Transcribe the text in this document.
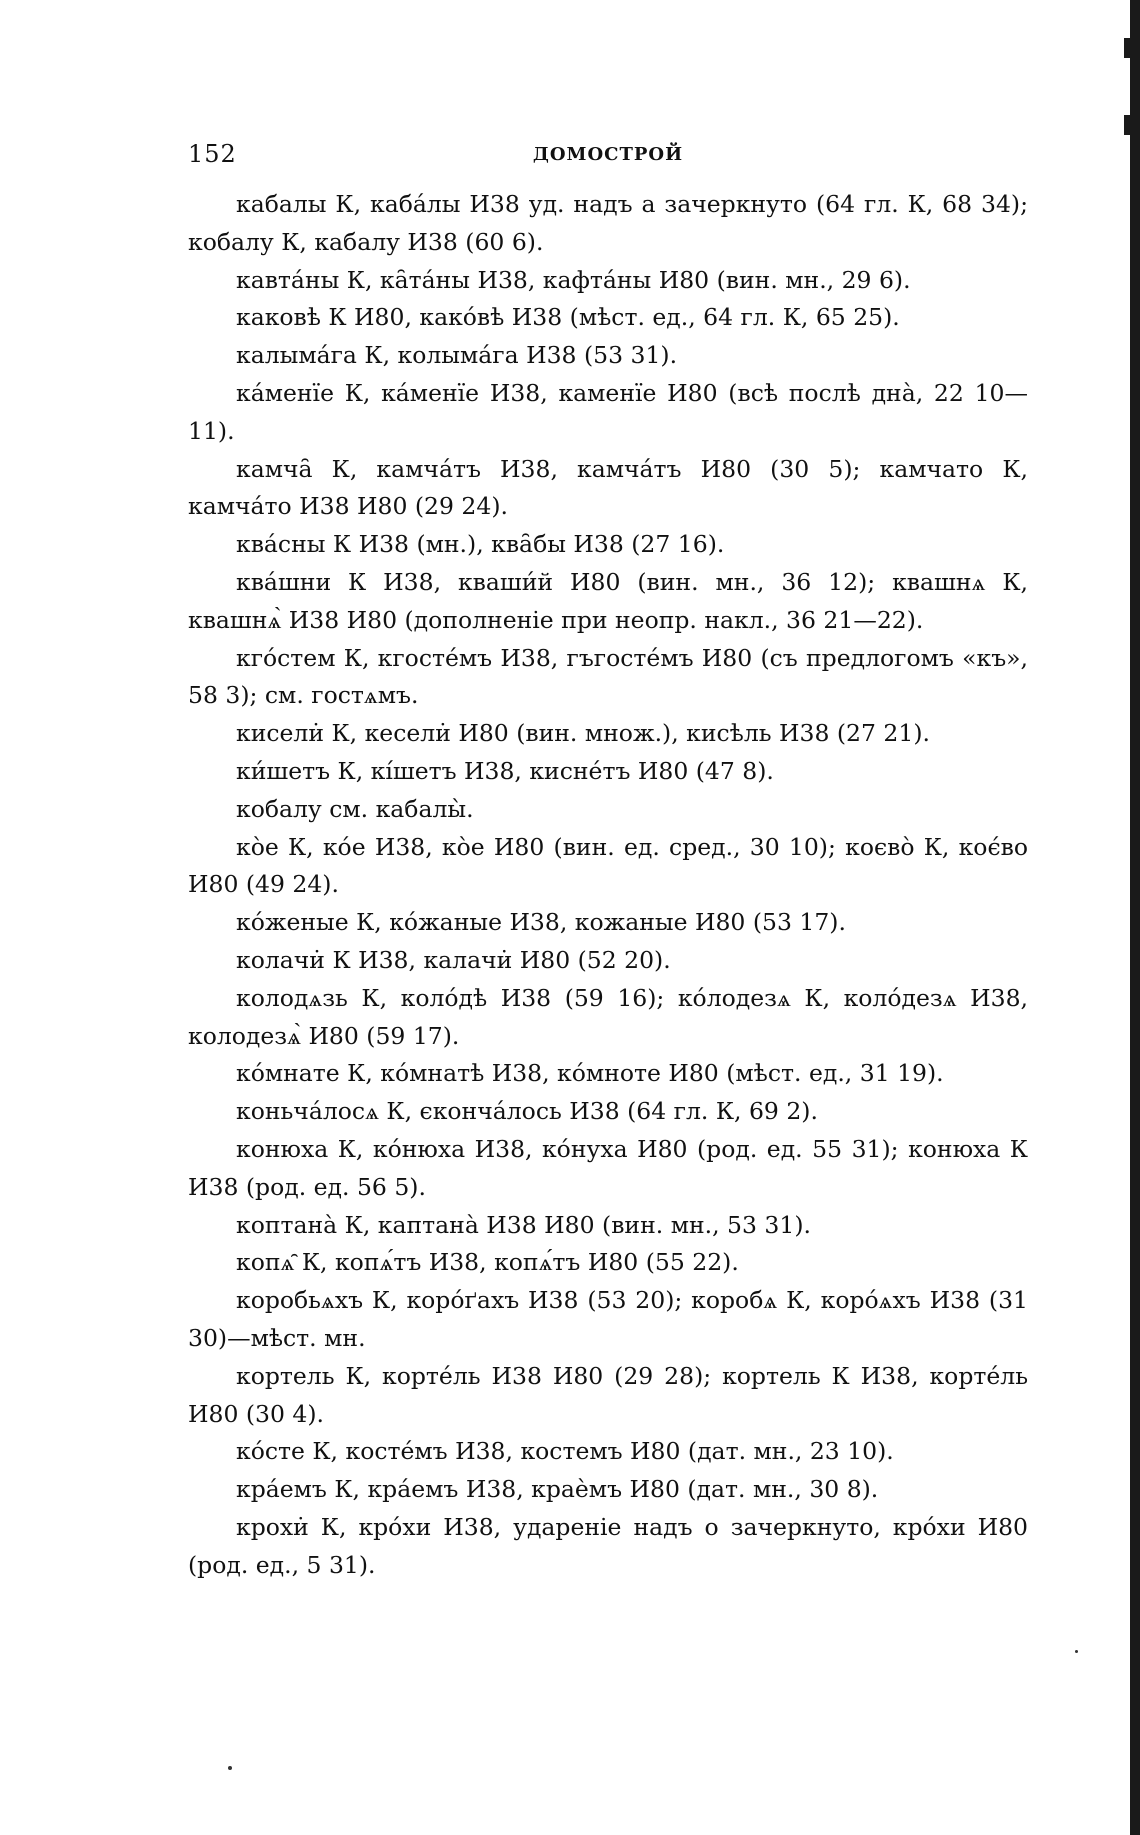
152	ДОМОСТРОЙ

кабалы К, каба́лы И38 уд. надъ а зачеркнуто (64 гл. К, 68 34); кобалу К, кабалу И38 (60 6).

кавта́ны К, ка̑та́ны И38, кафта́ны И80 (вин. мн., 29 6).

каковѣ К И80, како́вѣ И38 (мѣст. ед., 64 гл. К, 65 25).

калыма́га К, колыма́га И38 (53 31).

ка́менїе К, ка́менїе И38, каменїе И80 (всѣ послѣ дна̀, 22 10—11).

камча̑ К, камча́тъ И38, камча́тъ И80 (30 5); камчато К, камча́то И38 И80 (29 24).

ква́сны К И38 (мн.), ква̑бы И38 (27 16).

ква́шни К И38, кваши́й И80 (вин. мн., 36 12); квашнѧ К, квашнѧ̀ И38 И80 (дополненіе при неопр. накл., 36 21—22).

кгóстем К, кгосте́мъ И38, гъгосте́мъ И80 (съ предлогомъ «къ», 58 3); см. гостѧмъ.

кисели̇ К, кесели̇ И80 (вин. множ.), кисѣль И38 (27 21).

ки́шетъ К, кі́шетъ И38, кисне́тъ И80 (47 8).

кобалу см. кабалы̀.

ко̀е К, ко́е И38, ко̀е И80 (вин. ед. сред., 30 10); коєво̀ К, коє́во И80 (49 24).

ко́женые К, ко́жаные И38, кожаные И80 (53 17).

колачи̇ К И38, калачи̇ И80 (52 20).

колодѧзь К, коло́дѣ И38 (59 16); ко́лодезѧ К, коло́дезѧ И38, колодезѧ̀ И80 (59 17).

ко́мнате К, ко́мнатѣ И38, ко́мноте И80 (мѣст. ед., 31 19).

коньча́лосѧ К, єконча́лось И38 (64 гл. К, 69 2).

конюха К, ко́нюха И38, ко́нуха И80 (род. ед. 55 31); конюха К И38 (род. ед. 56 5).

коптана̀ К, каптана̀ И38 И80 (вин. мн., 53 31).

копѧ̑ К, копѧ́тъ И38, копѧ́тъ И80 (55 22).

коробьѧхъ К, коро́ґахъ И38 (53 20); коробѧ К, коро́ѧхъ И38 (31 30)—мѣст. мн.

кортель К, корте́ль И38 И80 (29 28); кортель К И38, корте́ль И80 (30 4).

ко́сте К, косте́мъ И38, костемъ И80 (дат. мн., 23 10).

кра́емъ К, кра́емъ И38, краѐмъ И80 (дат. мн., 30 8).

крохи̇ К, кро́хи И38, удареніе надъ о зачеркнуто, кро́хи И80 (род. ед., 5 31).
